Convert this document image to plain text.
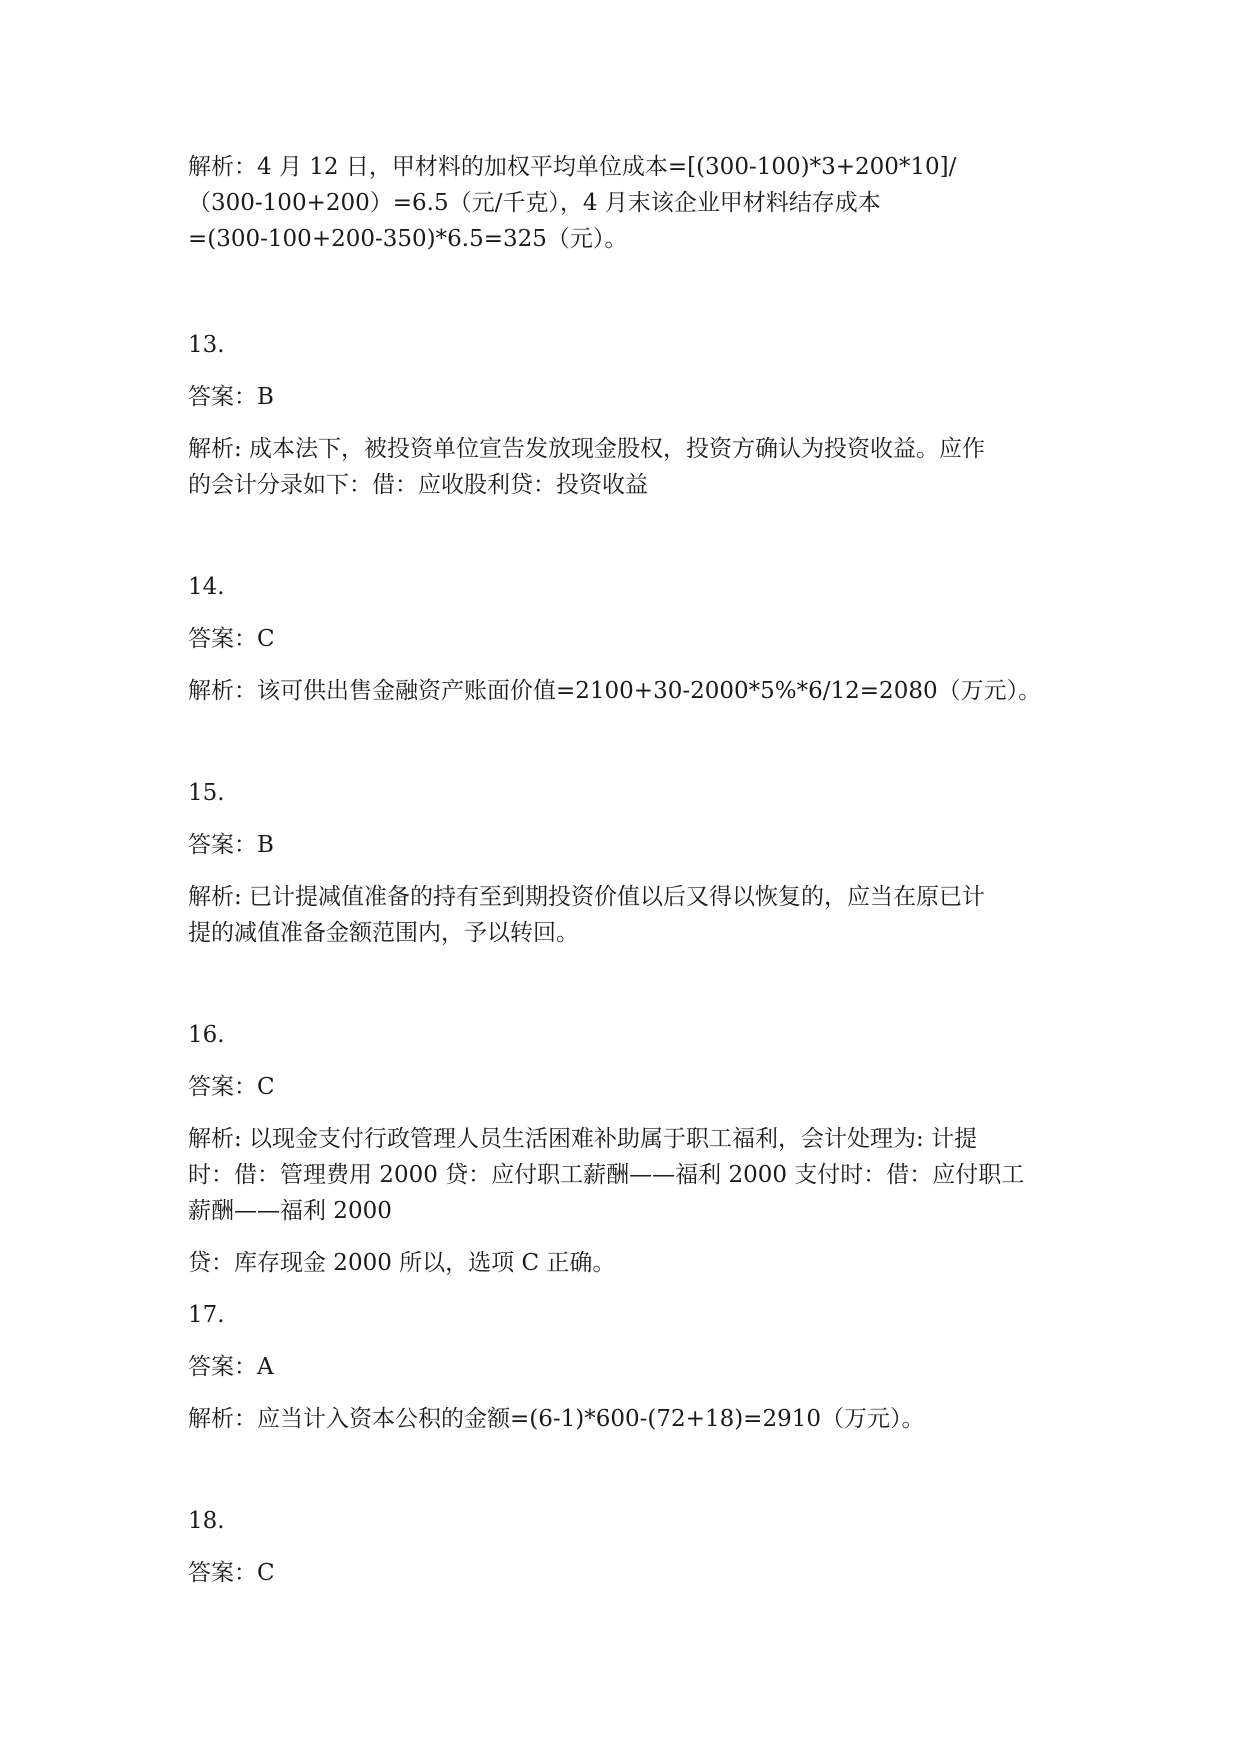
解析：4 月 12 日，甲材料的加权平均单位成本=[(300-100)*3+200*10]/
（300-100+200）=6.5（元/千克），4 月末该企业甲材料结存成本
=(300-100+200-350)*6.5=325（元）。
13.
答案：B
解析: 成本法下，被投资单位宣告发放现金股权，投资方确认为投资收益。应作
的会计分录如下：借：应收股利贷：投资收益
14.
答案：C
解析：该可供出售金融资产账面价值=2100+30-2000*5%*6/12=2080（万元）。
15.
答案：B
解析: 已计提减值准备的持有至到期投资价值以后又得以恢复的，应当在原已计
提的减值准备金额范围内，予以转回。
16.
答案：C
解析: 以现金支付行政管理人员生活困难补助属于职工福利，会计处理为: 计提
时：借：管理费用 2000 贷：应付职工薪酬——福利 2000 支付时：借：应付职工
薪酬——福利 2000
贷：库存现金 2000 所以，选项 C 正确。
17.
答案：A
解析：应当计入资本公积的金额=(6-1)*600-(72+18)=2910（万元）。
18.
答案：C
